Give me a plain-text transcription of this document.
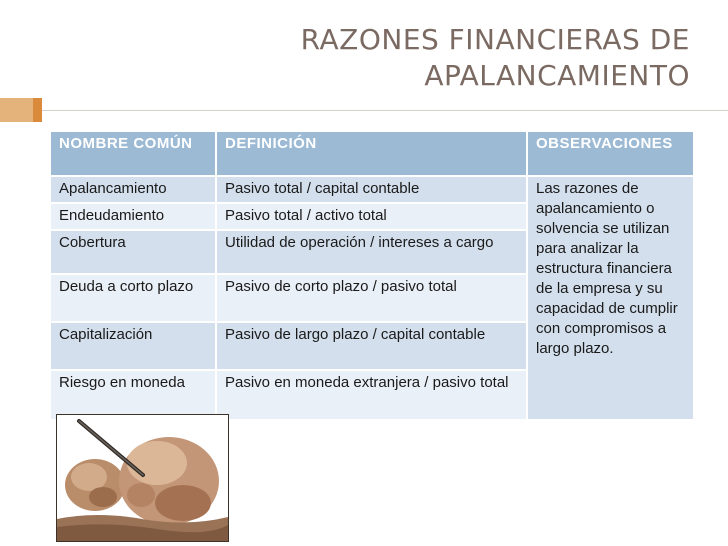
RAZONES FINANCIERAS DE
APALANCAMIENTO
NOMBRE COMÚN	DEFINICIÓN	OBSERVACIONES
Apalancamiento	Pasivo total / capital contable	Las razones de apalancamiento o solvencia se utilizan para analizar la estructura financiera de la empresa y su capacidad de cumplir con compromisos a largo plazo.
Endeudamiento	Pasivo total / activo total	
Cobertura	Utilidad de operación / intereses a cargo	
Deuda a corto plazo	Pasivo de corto plazo / pasivo total	
Capitalización	Pasivo de largo plazo / capital contable	
Riesgo en moneda	Pasivo en moneda extranjera / pasivo total	
